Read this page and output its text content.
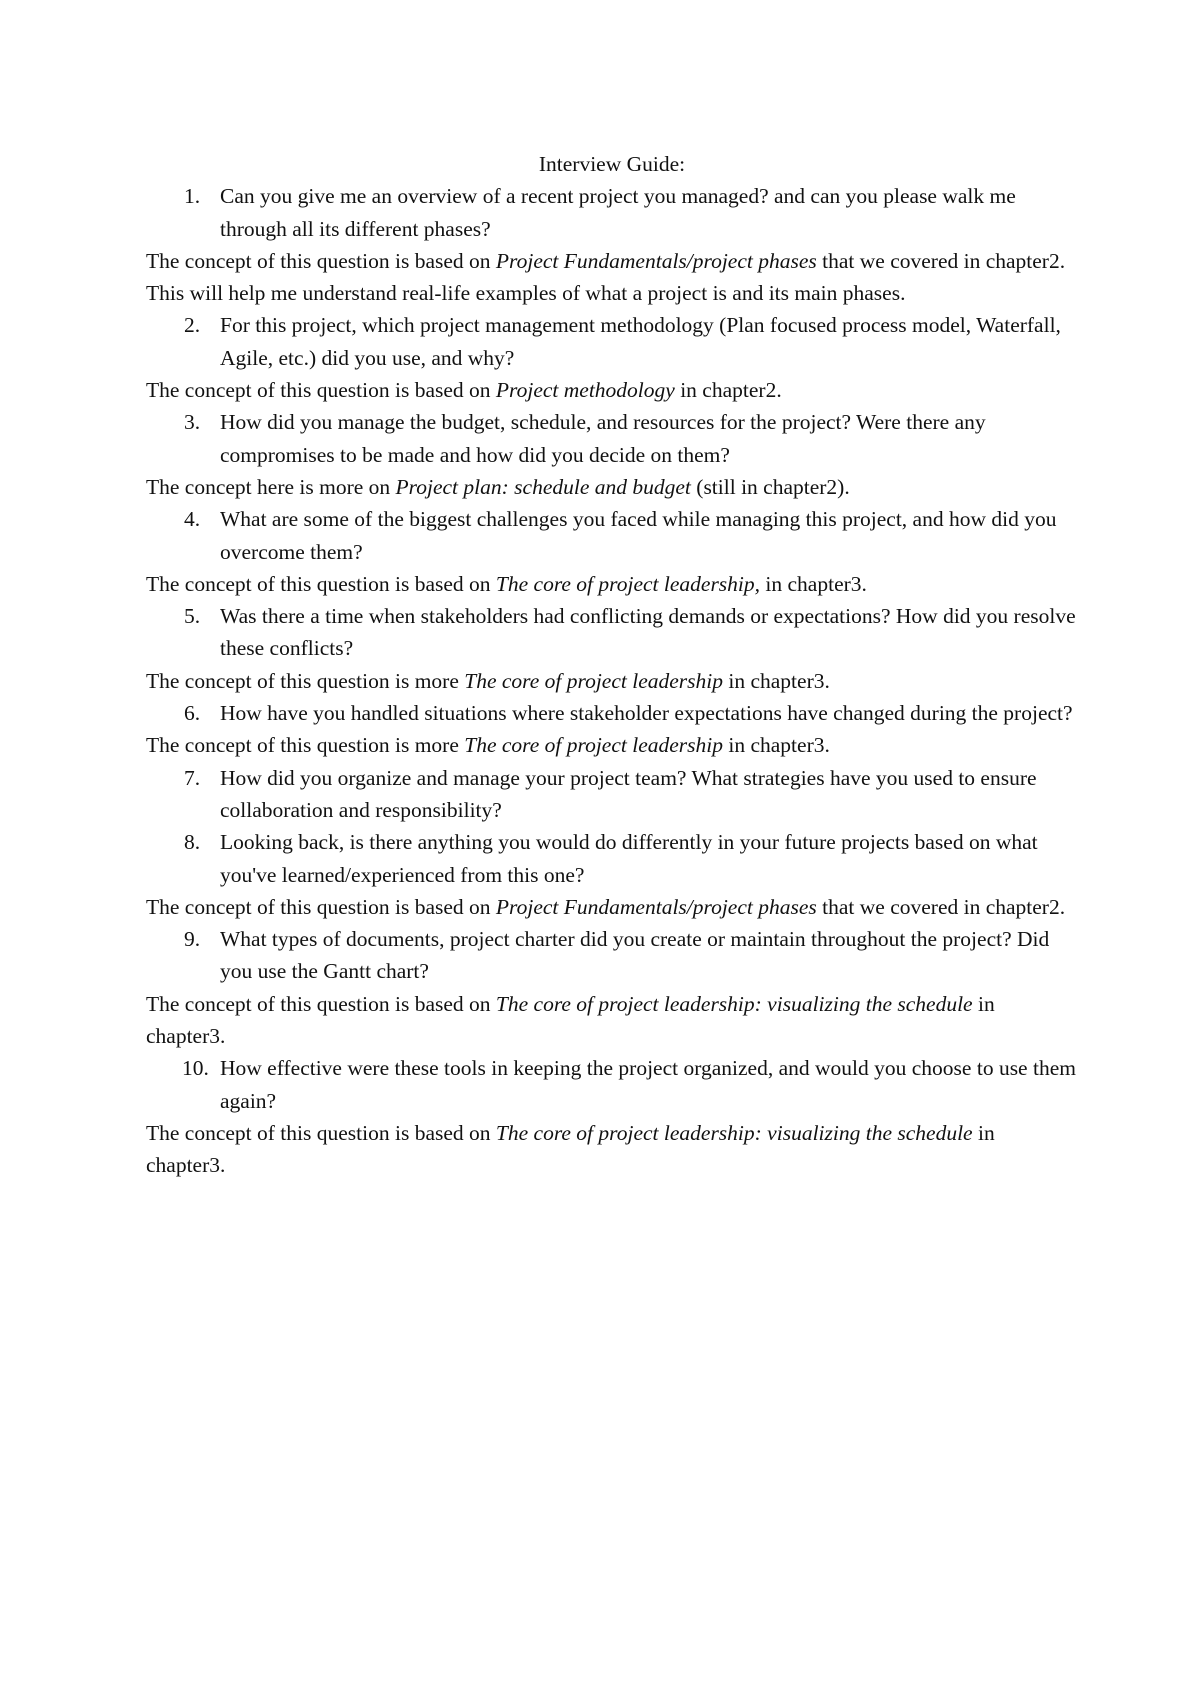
Interview Guide:

1. Can you give me an overview of a recent project you managed? and can you please walk me through all its different phases?

The concept of this question is based on Project Fundamentals/project phases that we covered in chapter2. This will help me understand real-life examples of what a project is and its main phases.

2. For this project, which project management methodology (Plan focused process model, Waterfall, Agile, etc.) did you use, and why?

The concept of this question is based on Project methodology in chapter2.

3. How did you manage the budget, schedule, and resources for the project? Were there any compromises to be made and how did you decide on them?

The concept here is more on Project plan: schedule and budget (still in chapter2).

4. What are some of the biggest challenges you faced while managing this project, and how did you overcome them?

The concept of this question is based on The core of project leadership, in chapter3.

5. Was there a time when stakeholders had conflicting demands or expectations? How did you resolve these conflicts?

The concept of this question is more The core of project leadership in chapter3.

6. How have you handled situations where stakeholder expectations have changed during the project?

The concept of this question is more The core of project leadership in chapter3.

7. How did you organize and manage your project team? What strategies have you used to ensure collaboration and responsibility?

8. Looking back, is there anything you would do differently in your future projects based on what you've learned/experienced from this one?

The concept of this question is based on Project Fundamentals/project phases that we covered in chapter2.

9. What types of documents, project charter did you create or maintain throughout the project? Did you use the Gantt chart?

The concept of this question is based on The core of project leadership: visualizing the schedule in chapter3.

10. How effective were these tools in keeping the project organized, and would you choose to use them again?

The concept of this question is based on The core of project leadership: visualizing the schedule in chapter3.
